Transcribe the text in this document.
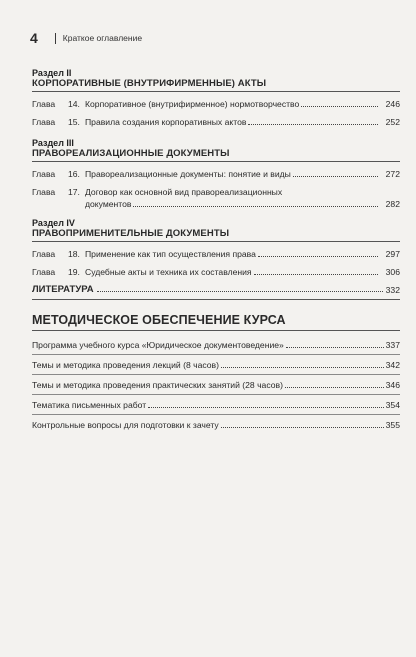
4	Краткое оглавление
Раздел II
КОРПОРАТИВНЫЕ (ВНУТРИФИРМЕННЫЕ) АКТЫ
Глава	14. Корпоративное (внутрифирменное) нормотворчество	246
Глава	15. Правила создания корпоративных актов	252
Раздел III
ПРАВОРЕАЛИЗАЦИОННЫЕ ДОКУМЕНТЫ
Глава	16. Правореализационные документы: понятие и виды	272
Глава	17. Договор как основной вид правореализационных
документов	282
Раздел IV
ПРАВОПРИМЕНИТЕЛЬНЫЕ ДОКУМЕНТЫ
Глава	18. Применение как тип осуществления права	297
Глава	19. Судебные акты и техника их составления	306
ЛИТЕРАТУРА	332
МЕТОДИЧЕСКОЕ ОБЕСПЕЧЕНИЕ КУРСА
Программа учебного курса «Юридическое документоведение»	337
Темы и методика проведения лекций (8 часов)	342
Темы и методика проведения практических занятий (28 часов)	346
Тематика письменных работ	354
Контрольные вопросы для подготовки к зачету	355
